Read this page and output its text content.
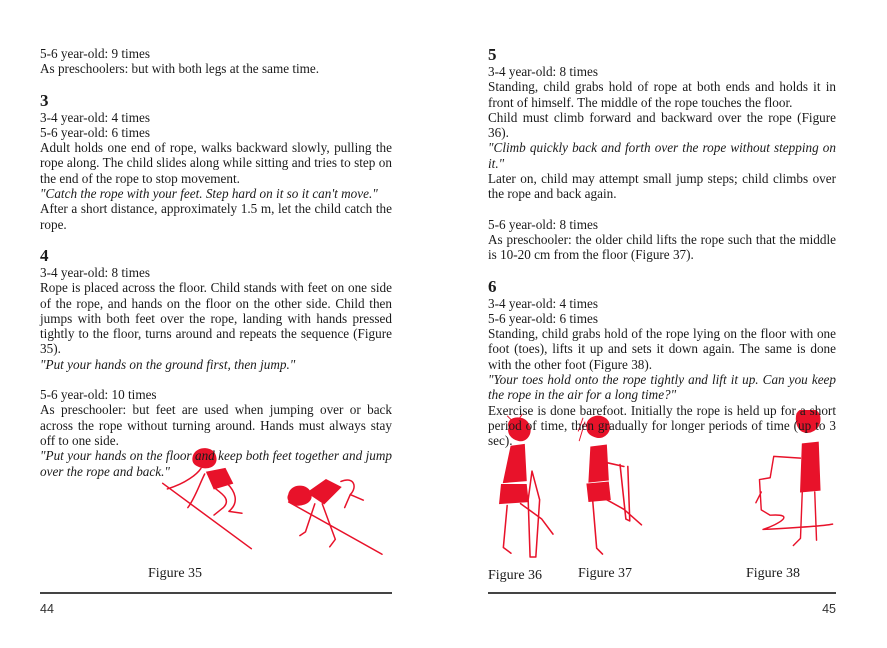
5-6 year-old: 9 times

As preschoolers: but with both legs at the same time.

3

3-4 year-old: 4 times

5-6 year-old: 6 times

Adult holds one end of rope, walks backward slowly, pulling the rope along. The child slides along while sitting and tries to step on the end of the rope to stop movement.

"Catch the rope with your feet. Step hard on it so it can't move."

After a short distance, approximately 1.5 m, let the child catch the rope.

4

3-4 year-old: 8 times

Rope is placed across the floor. Child stands with feet on one side of the rope, and hands on the floor on the other side. Child then jumps with both feet over the rope, landing with hands pressed tightly to the floor, turns around and repeats the sequence (Figure 35).

"Put your hands on the ground first, then jump."

5-6 year-old: 10 times

As preschooler: but feet are used when jumping over or back across the rope without turning around. Hands must always stay off to one side.

"Put your hands on the floor and keep both feet together and jump over the rope and back."

Figure 35
44

5

3-4 year-old: 8 times

Standing, child grabs hold of rope at both ends and holds it in front of himself. The middle of the rope touches the floor.

Child must climb forward and backward over the rope (Figure 36).

"Climb quickly back and forth over the rope without stepping on it."

Later on, child may attempt small jump steps; child climbs over the rope and back again.

5-6 year-old: 8 times

As preschooler: the older child lifts the rope such that the middle is 10-20 cm from the floor (Figure 37).

6

3-4 year-old: 4 times

5-6 year-old: 6 times

Standing, child grabs hold of the rope lying on the floor with one foot (toes), lifts it up and sets it down again. The same is done with the other foot (Figure 38).

"Your toes hold onto the rope tightly and lift it up. Can you keep the rope in the air for a long time?"

Exercise is done barefoot. Initially the rope is held up for a short period of time, then gradually for longer periods of time (up to 3 sec).

Figure 36	Figure 37	Figure 38
45
